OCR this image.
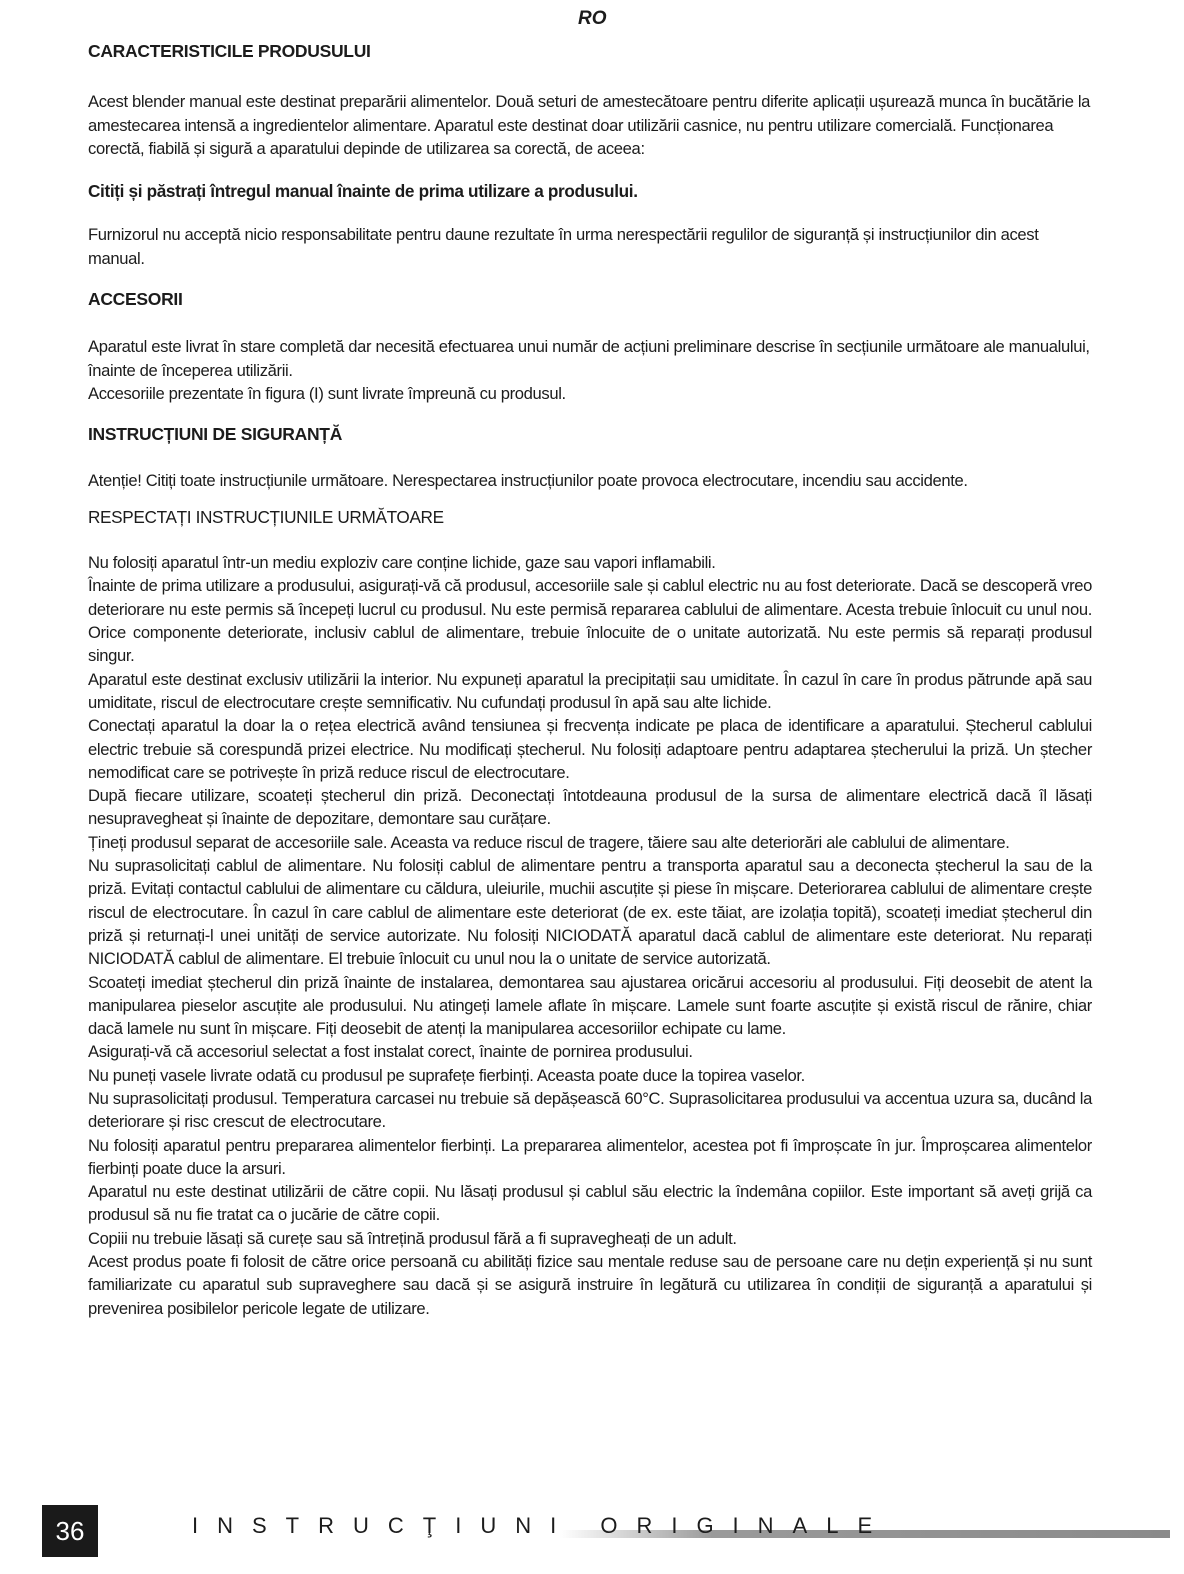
RO
CARACTERISTICILE PRODUSULUI

Acest blender manual este destinat preparării alimentelor. Două seturi de amestecătoare pentru diferite aplicații ușurează munca în bucătărie la amestecarea intensă a ingredientelor alimentare. Aparatul este destinat doar utilizării casnice, nu pentru utilizare comercială. Funcționarea corectă, fiabilă și sigură a aparatului depinde de utilizarea sa corectă, de aceea:

Citiți și păstrați întregul manual înainte de prima utilizare a produsului.

Furnizorul nu acceptă nicio responsabilitate pentru daune rezultate în urma nerespectării regulilor de siguranță și instrucțiunilor din acest manual.

ACCESORII

Aparatul este livrat în stare completă dar necesită efectuarea unui număr de acțiuni preliminare descrise în secțiunile următoare ale manualului, înainte de începerea utilizării.

Accesoriile prezentate în figura (I) sunt livrate împreună cu produsul.

INSTRUCȚIUNI DE SIGURANȚĂ

Atenție! Citiți toate instrucțiunile următoare. Nerespectarea instrucțiunilor poate provoca electrocutare, incendiu sau accidente.

RESPECTAȚI INSTRUCȚIUNILE URMĂTOARE

Nu folosiți aparatul într-un mediu exploziv care conține lichide, gaze sau vapori inflamabili.

Înainte de prima utilizare a produsului, asigurați-vă că produsul, accesoriile sale și cablul electric nu au fost deteriorate. Dacă se descoperă vreo deteriorare nu este permis să începeți lucrul cu produsul. Nu este permisă repararea cablului de alimentare. Acesta trebuie înlocuit cu unul nou. Orice componente deteriorate, inclusiv cablul de alimentare, trebuie înlocuite de o unitate autorizată. Nu este permis să reparați produsul singur.

Aparatul este destinat exclusiv utilizării la interior. Nu expuneți aparatul la precipitații sau umiditate. În cazul în care în produs pătrunde apă sau umiditate, riscul de electrocutare crește semnificativ. Nu cufundați produsul în apă sau alte lichide.

Conectați aparatul la doar la o rețea electrică având tensiunea și frecvența indicate pe placa de identificare a aparatului. Ștecherul cablului electric trebuie să corespundă prizei electrice. Nu modificați ștecherul. Nu folosiți adaptoare pentru adaptarea ștecherului la priză. Un ștecher nemodificat care se potrivește în priză reduce riscul de electrocutare.

După fiecare utilizare, scoateți ștecherul din priză. Deconectați întotdeauna produsul de la sursa de alimentare electrică dacă îl lăsați nesupravegheat și înainte de depozitare, demontare sau curățare.

Țineți produsul separat de accesoriile sale. Aceasta va reduce riscul de tragere, tăiere sau alte deteriorări ale cablului de alimentare.

Nu suprasolicitați cablul de alimentare. Nu folosiți cablul de alimentare pentru a transporta aparatul sau a deconecta ștecherul la sau de la priză. Evitați contactul cablului de alimentare cu căldura, uleiurile, muchii ascuțite și piese în mișcare. Deteriorarea cablului de alimentare crește riscul de electrocutare. În cazul în care cablul de alimentare este deteriorat (de ex. este tăiat, are izolația topită), scoateți imediat ștecherul din priză și returnați-l unei unități de service autorizate. Nu folosiți NICIODATĂ aparatul dacă cablul de alimentare este deteriorat. Nu reparați NICIODATĂ cablul de alimentare. El trebuie înlocuit cu unul nou la o unitate de service autorizată.

Scoateți imediat ștecherul din priză înainte de instalarea, demontarea sau ajustarea oricărui accesoriu al produsului. Fiți deosebit de atent la manipularea pieselor ascuțite ale produsului. Nu atingeți lamele aflate în mișcare. Lamele sunt foarte ascuțite și există riscul de rănire, chiar dacă lamele nu sunt în mișcare. Fiți deosebit de atenți la manipularea accesoriilor echipate cu lame.

Asigurați-vă că accesoriul selectat a fost instalat corect, înainte de pornirea produsului.

Nu puneți vasele livrate odată cu produsul pe suprafețe fierbinți. Aceasta poate duce la topirea vaselor.

Nu suprasolicitați produsul. Temperatura carcasei nu trebuie să depășească 60°C. Suprasolicitarea produsului va accentua uzura sa, ducând la deteriorare și risc crescut de electrocutare.

Nu folosiți aparatul pentru prepararea alimentelor fierbinți. La prepararea alimentelor, acestea pot fi împroșcate în jur. Împroșcarea alimentelor fierbinți poate duce la arsuri.

Aparatul nu este destinat utilizării de către copii. Nu lăsați produsul și cablul său electric la îndemâna copiilor. Este important să aveți grijă ca produsul să nu fie tratat ca o jucărie de către copii.

Copiii nu trebuie lăsați să curețe sau să întrețină produsul fără a fi supravegheați de un adult.

Acest produs poate fi folosit de către orice persoană cu abilități fizice sau mentale reduse sau de persoane care nu dețin experiență și nu sunt familiarizate cu aparatul sub supraveghere sau dacă și se asigură instruire în legătură cu utilizarea în condiții de siguranță a aparatului și prevenirea posibilelor pericole legate de utilizare.

36	INSTRUCŢIUNI ORIGINALE
